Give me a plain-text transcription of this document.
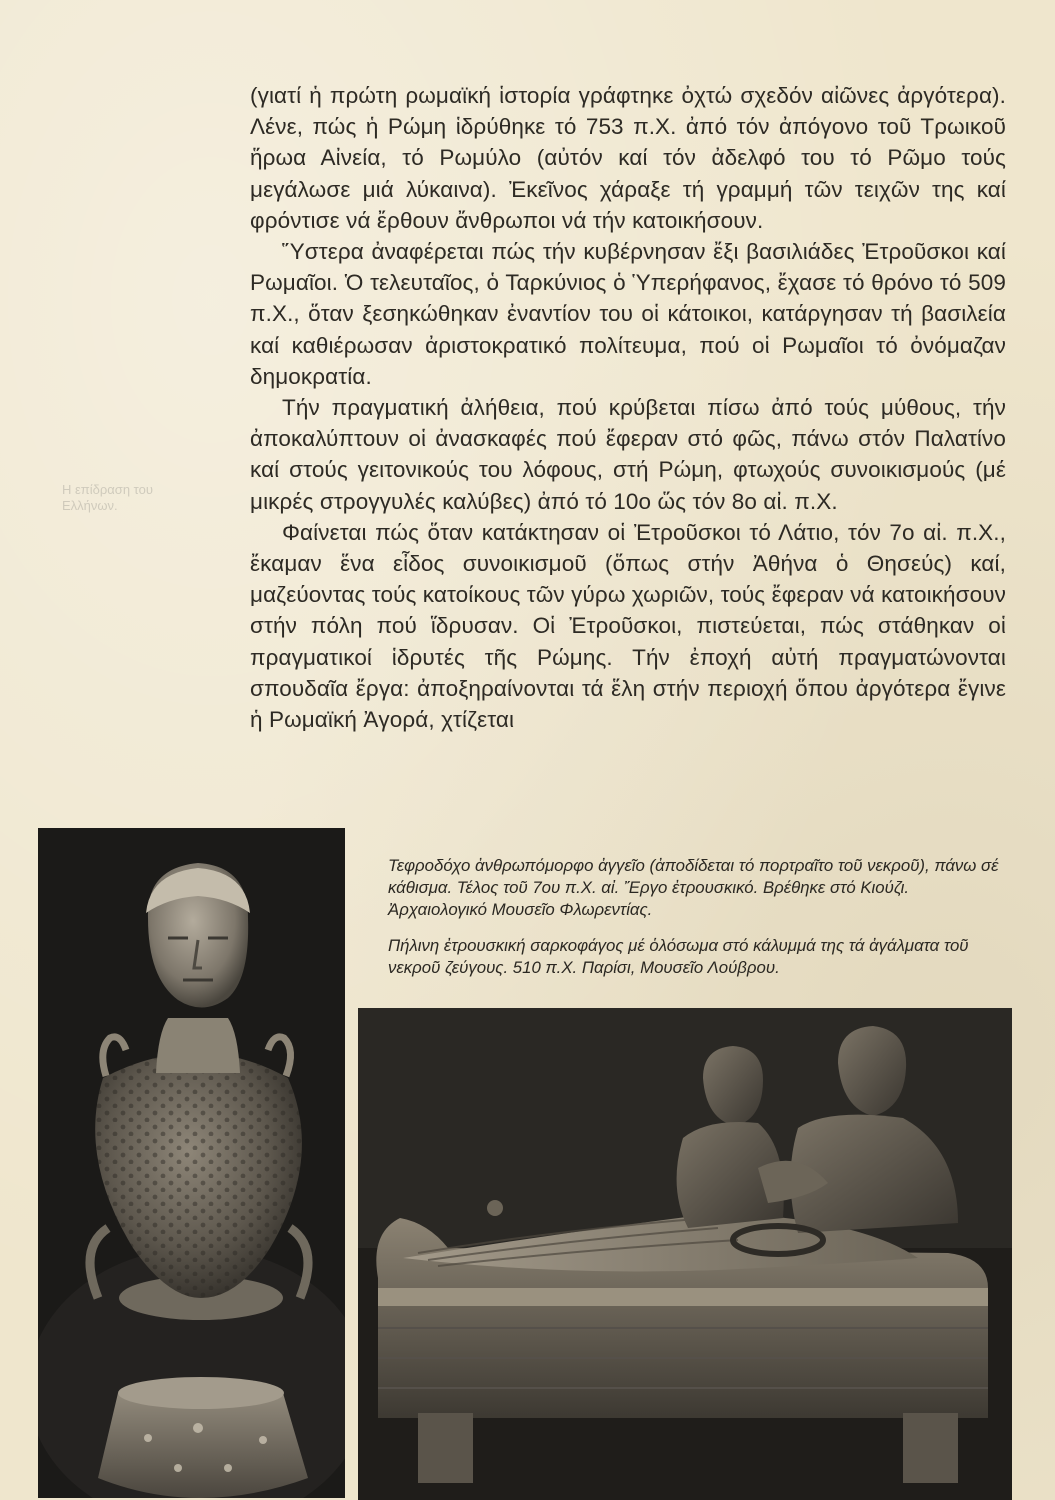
Η επίδραση του
Ελλήνων.

(γιατί ἡ πρώτη ρωμαϊκή ἱστορία γράφτηκε ὀχτώ σχεδόν αἰῶνες ἀργότερα). Λένε, πώς ἡ Ρώμη ἱδρύθηκε τό 753 π.Χ. ἀπό τόν ἀπόγονο τοῦ Τρωικοῦ ἥρωα Αἰνεία, τό Ρωμύλο (αὐτόν καί τόν ἀδελφό του τό Ρῶμο τούς μεγάλωσε μιά λύκαινα). Ἐκεῖνος χάραξε τή γραμμή τῶν τειχῶν της καί φρόντισε νά ἔρθουν ἄνθρωποι νά τήν κατοικήσουν.

Ὕστερα ἀναφέρεται πώς τήν κυβέρνησαν ἔξι βασιλιάδες Ἐτροῦσκοι καί Ρωμαῖοι. Ὁ τελευταῖος, ὁ Ταρκύνιος ὁ Ὑπερήφανος, ἔχασε τό θρόνο τό 509 π.Χ., ὅταν ξεσηκώθηκαν ἐναντίον του οἱ κάτοικοι, κατάργησαν τή βασιλεία καί καθιέρωσαν ἀριστοκρατικό πολίτευμα, πού οἱ Ρωμαῖοι τό ὀνόμαζαν δημοκρατία.

Τήν πραγματική ἀλήθεια, πού κρύβεται πίσω ἀπό τούς μύθους, τήν ἀποκαλύπτουν οἱ ἀνασκαφές πού ἔφεραν στό φῶς, πάνω στόν Παλατίνο καί στούς γειτονικούς του λόφους, στή Ρώμη, φτωχούς συνοικισμούς (μέ μικρές στρογγυλές καλύβες) ἀπό τό 10ο ὥς τόν 8ο αἰ. π.Χ.

Φαίνεται πώς ὅταν κατάκτησαν οἱ Ἐτροῦσκοι τό Λάτιο, τόν 7ο αἰ. π.Χ., ἔκαμαν ἕνα εἶδος συνοικισμοῦ (ὅπως στήν Ἀθήνα ὁ Θησεύς) καί, μαζεύοντας τούς κατοίκους τῶν γύρω χωριῶν, τούς ἔφεραν νά κατοικήσουν στήν πόλη πού ἵδρυσαν. Οἱ Ἐτροῦσκοι, πιστεύεται, πώς στάθηκαν οἱ πραγματικοί ἱδρυτές τῆς Ρώμης. Τήν ἐποχή αὐτή πραγματώνονται σπουδαῖα ἔργα: ἀποξηραίνονται τά ἕλη στήν περιοχή ὅπου ἀργότερα ἔγινε ἡ Ρωμαϊκή Ἀγορά, χτίζεται

Τεφροδόχο ἀνθρωπόμορφο ἀγγεῖο (ἀποδίδεται τό πορτραῖτο τοῦ νεκροῦ), πάνω σέ κάθισμα. Τέλος τοῦ 7ου π.Χ. αἰ. Ἔργο ἐτρουσκικό. Βρέθηκε στό Κιούζι. Ἀρχαιολογικό Μουσεῖο Φλωρεντίας.

Πήλινη ἐτρουσκική σαρκοφάγος μέ ὁλόσωμα στό κάλυμμά της τά ἀγάλματα τοῦ νεκροῦ ζεύγους. 510 π.Χ. Παρίσι, Μουσεῖο Λούβρου.
